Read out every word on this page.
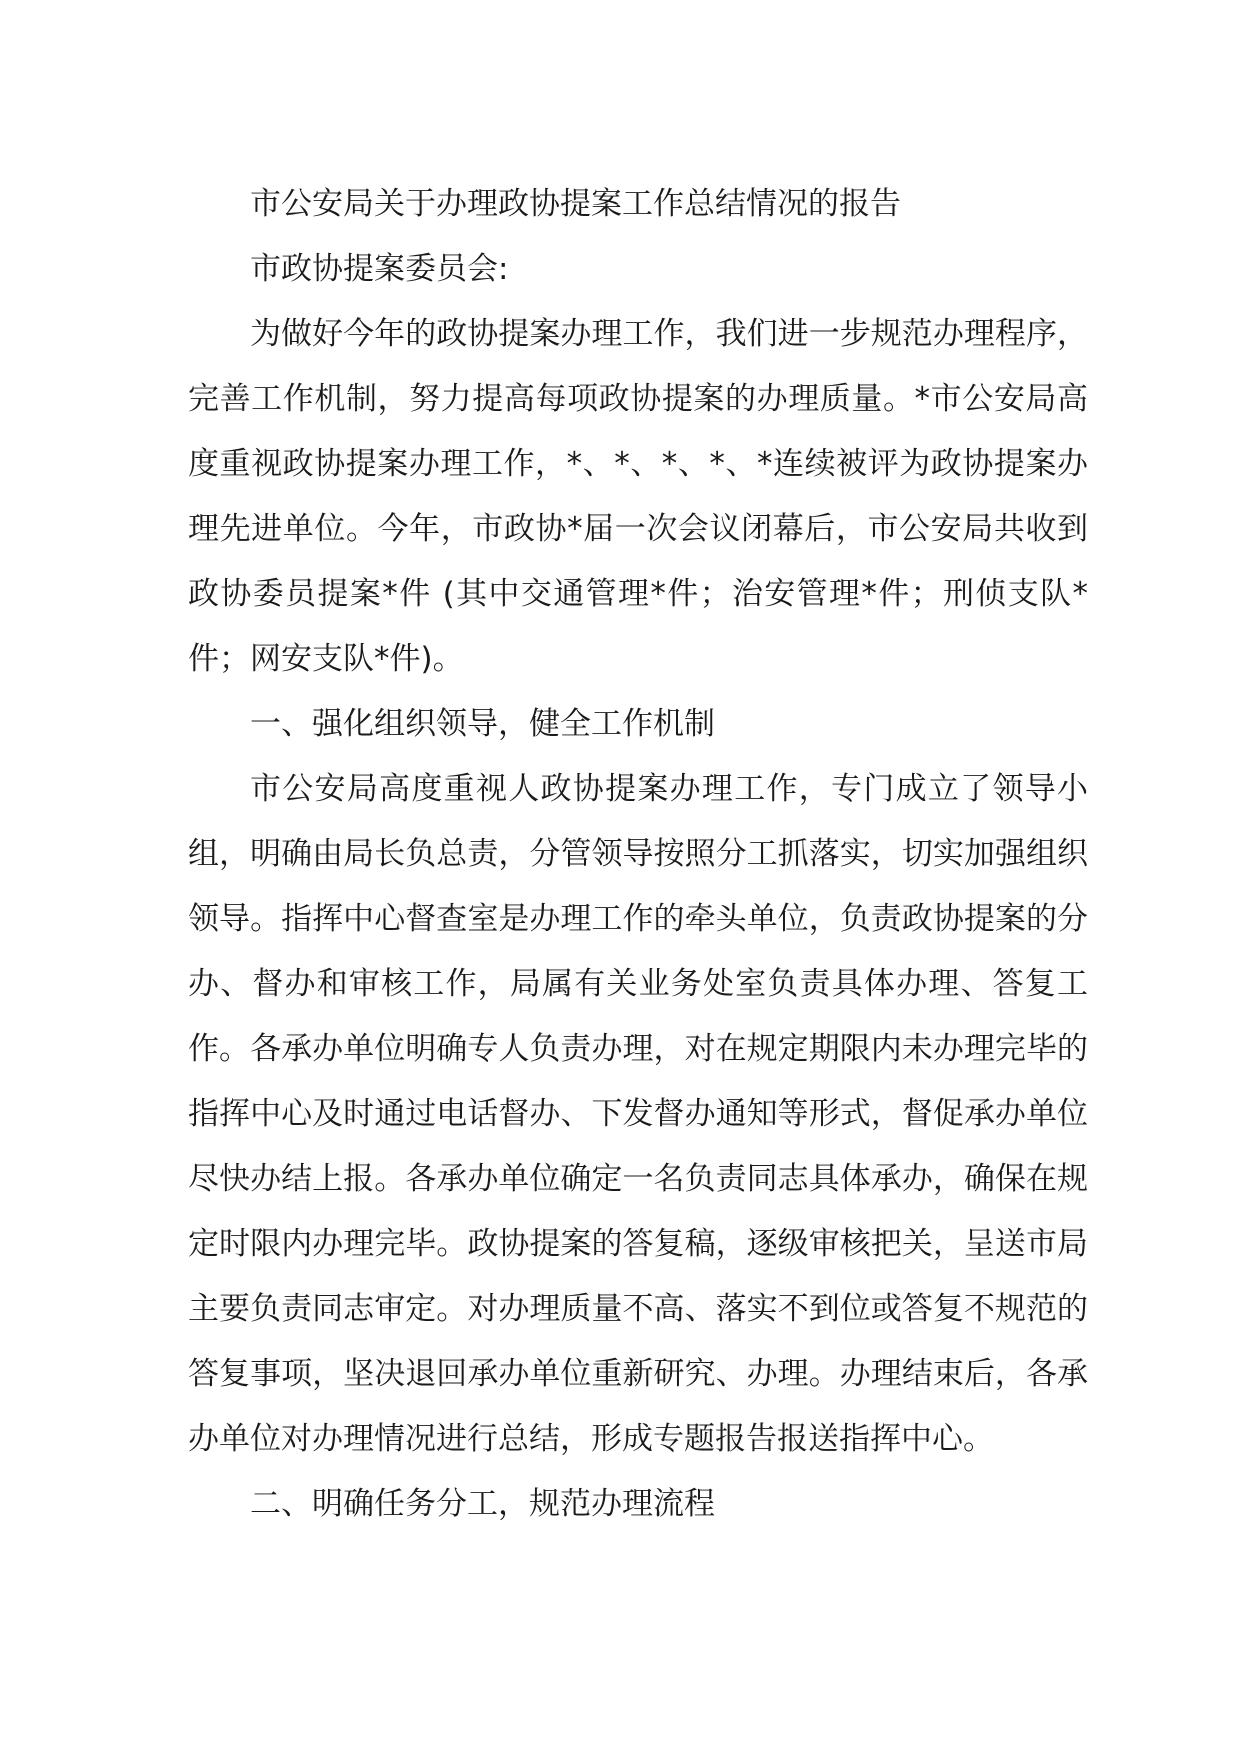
市公安局关于办理政协提案工作总结情况的报告

市政协提案委员会:

为做好今年的政协提案办理工作，我们进一步规范办理程序，完善工作机制，努力提高每项政协提案的办理质量。*市公安局高度重视政协提案办理工作，*、*、*、*、*连续被评为政协提案办理先进单位。今年，市政协*届一次会议闭幕后，市公安局共收到政协委员提案*件 (其中交通管理*件；治安管理*件；刑侦支队*件；网安支队*件)。

一、强化组织领导，健全工作机制

市公安局高度重视人政协提案办理工作，专门成立了领导小组，明确由局长负总责，分管领导按照分工抓落实，切实加强组织领导。指挥中心督查室是办理工作的牵头单位，负责政协提案的分办、督办和审核工作，局属有关业务处室负责具体办理、答复工作。各承办单位明确专人负责办理，对在规定期限内未办理完毕的指挥中心及时通过电话督办、下发督办通知等形式，督促承办单位尽快办结上报。各承办单位确定一名负责同志具体承办，确保在规定时限内办理完毕。政协提案的答复稿，逐级审核把关，呈送市局主要负责同志审定。对办理质量不高、落实不到位或答复不规范的答复事项，坚决退回承办单位重新研究、办理。办理结束后，各承办单位对办理情况进行总结，形成专题报告报送指挥中心。

二、明确任务分工，规范办理流程
